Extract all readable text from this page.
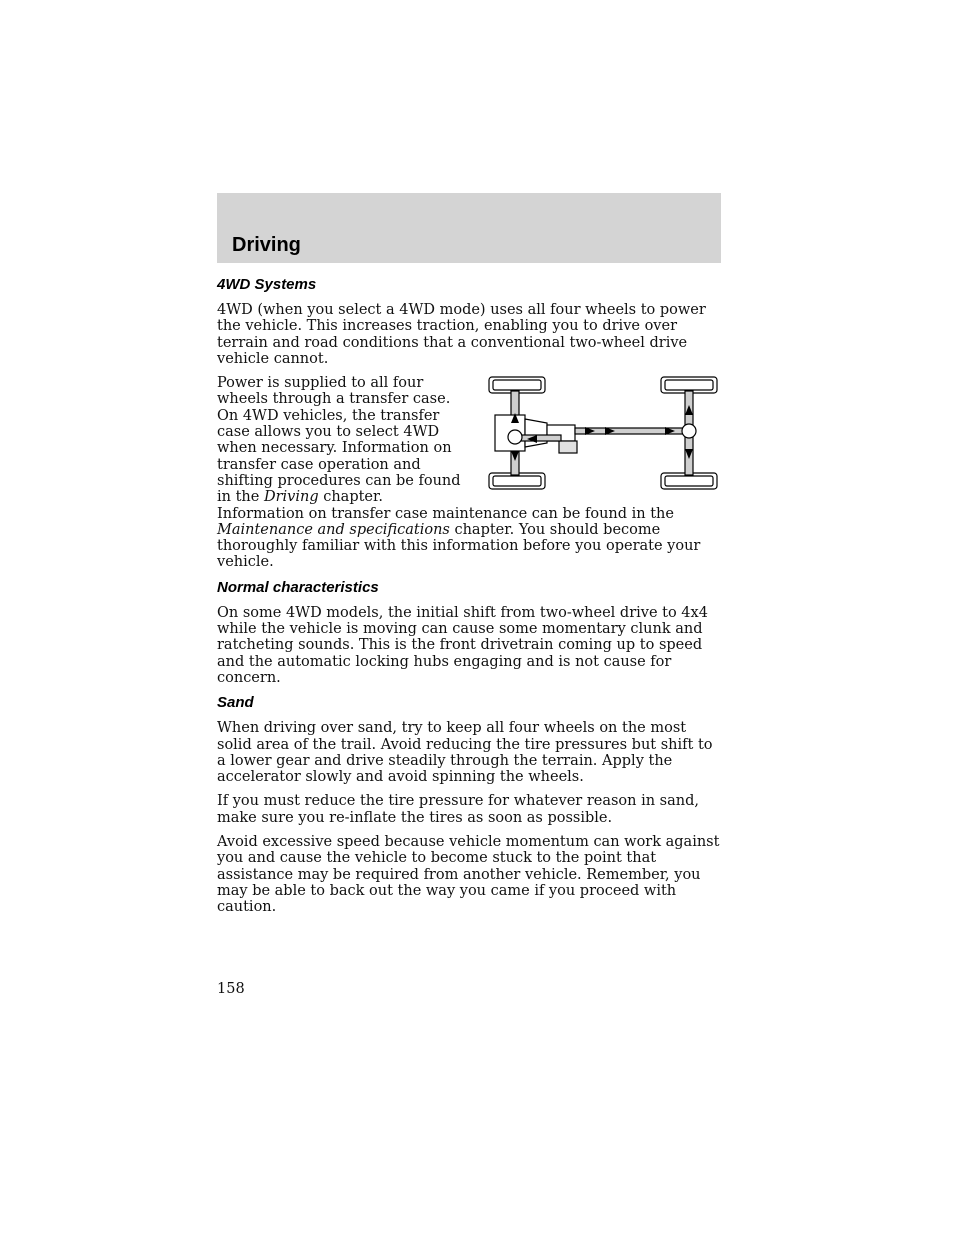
Driving
4WD Systems

4WD (when you select a 4WD mode) uses all four wheels to power the vehicle. This increases traction, enabling you to drive over terrain and road conditions that a conventional two-wheel drive vehicle cannot.

Power is supplied to all four wheels through a transfer case. On 4WD vehicles, the transfer case allows you to select 4WD when necessary. Information on transfer case operation and shifting procedures can be found in the Driving chapter. Information on transfer case maintenance can be found in the Maintenance and specifications chapter. You should become thoroughly familiar with this information before you operate your vehicle.

Normal characteristics

On some 4WD models, the initial shift from two-wheel drive to 4x4 while the vehicle is moving can cause some momentary clunk and ratcheting sounds. This is the front drivetrain coming up to speed and the automatic locking hubs engaging and is not cause for concern.

Sand

When driving over sand, try to keep all four wheels on the most solid area of the trail. Avoid reducing the tire pressures but shift to a lower gear and drive steadily through the terrain. Apply the accelerator slowly and avoid spinning the wheels.

If you must reduce the tire pressure for whatever reason in sand, make sure you re-inflate the tires as soon as possible.

Avoid excessive speed because vehicle momentum can work against you and cause the vehicle to become stuck to the point that assistance may be required from another vehicle. Remember, you may be able to back out the way you came if you proceed with caution.

158
